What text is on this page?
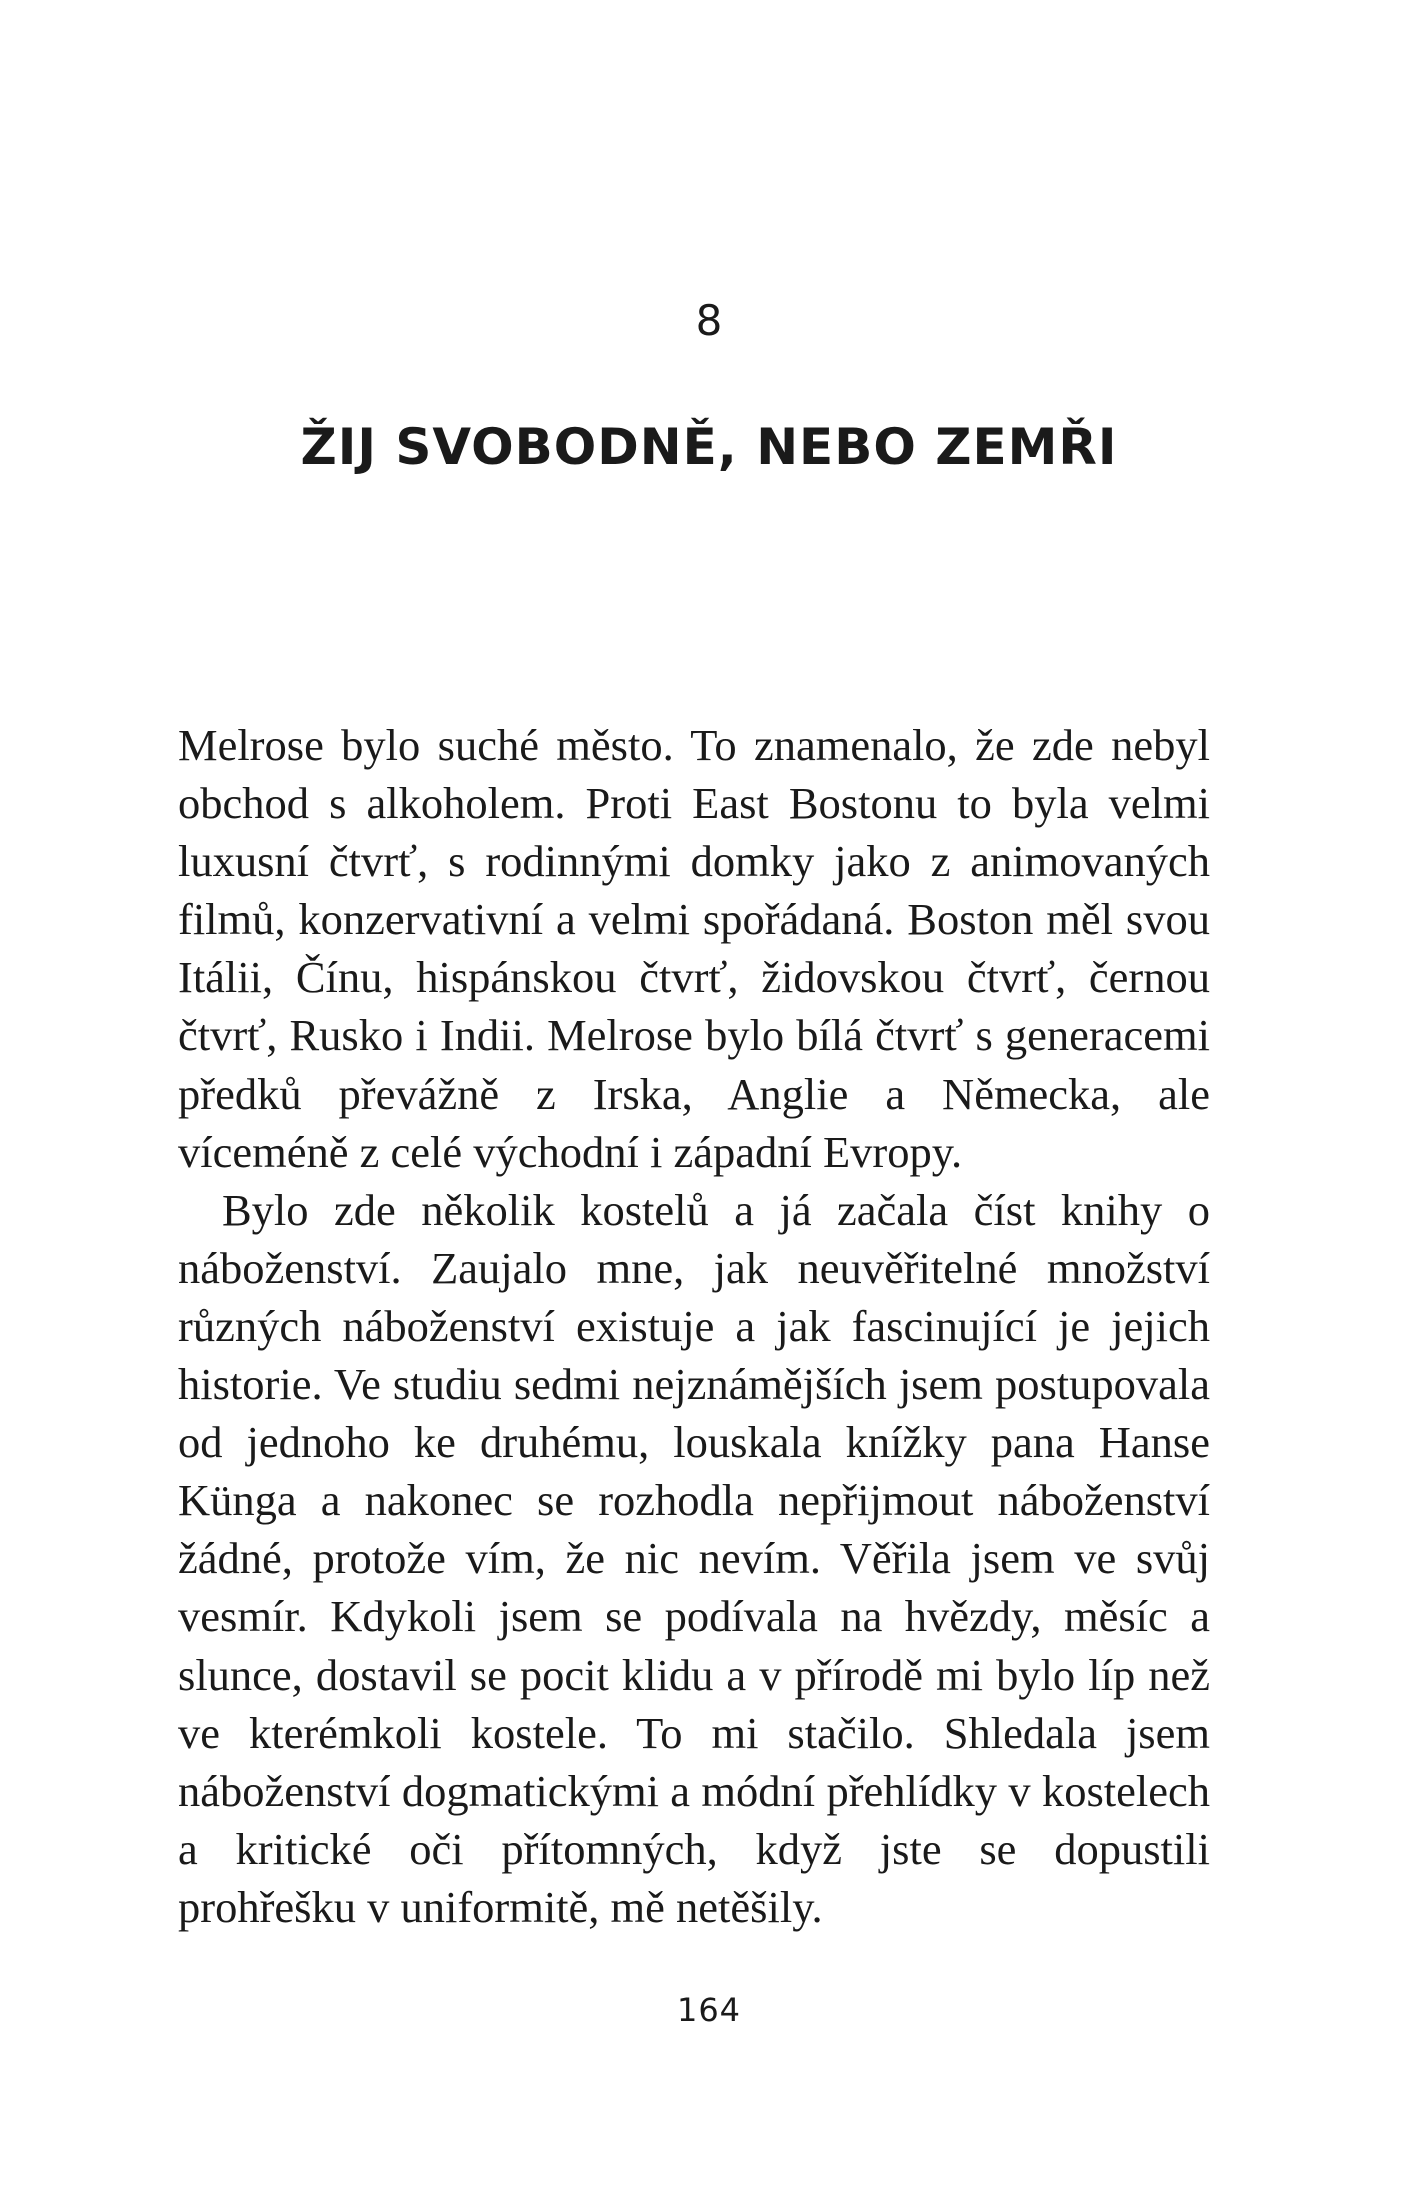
8
ŽIJ SVOBODNĚ, NEBO ZEMŘI

Melrose bylo suché město. To znamenalo, že zde nebyl obchod s alkoholem. Proti East Bostonu to byla velmi luxusní čtvrť, s rodinnými domky jako z animovaných filmů, konzervativní a velmi spořádaná. Boston měl svou Itálii, Čínu, hispánskou čtvrť, židovskou čtvrť, černou čtvrť, Rusko i Indii. Melrose bylo bílá čtvrť s generacemi předků převážně z Irska, Anglie a Německa, ale víceméně z celé východní i západní Evropy.

Bylo zde několik kostelů a já začala číst knihy o náboženství. Zaujalo mne, jak neuvěřitelné množství různých náboženství existuje a jak fascinující je jejich historie. Ve studiu sedmi nejznámějších jsem postupovala od jednoho ke druhému, louskala knížky pana Hanse Künga a nakonec se rozhodla nepřijmout náboženství žádné, protože vím, že nic nevím. Věřila jsem ve svůj vesmír. Kdykoli jsem se podívala na hvězdy, měsíc a slunce, dostavil se pocit klidu a v přírodě mi bylo líp než ve kterémkoli kostele. To mi stačilo. Shledala jsem náboženství dogmatickými a módní přehlídky v kostelech a kritické oči přítomných, když jste se dopustili prohřešku v uniformitě, mě netěšily.

164
